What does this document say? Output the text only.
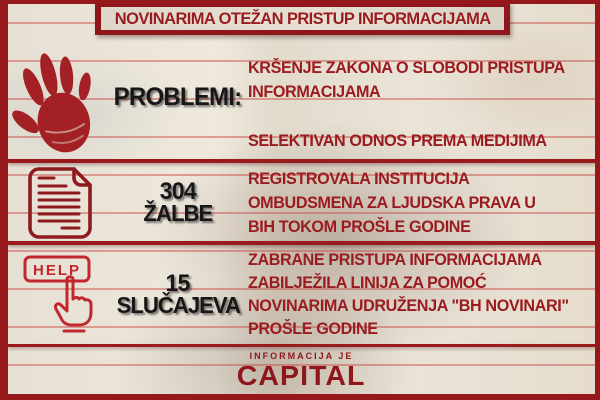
NOVINARIMA OTEŽAN PRISTUP INFORMACIJAMA
PROBLEMI:
KRŠENJE ZAKONA O SLOBODI PRISTUPA
INFORMACIJAMA
SELEKTIVAN ODNOS PREMA MEDIJIMA
304
ŽALBE
REGISTROVALA INSTITUCIJA
OMBUDSMENA ZA LJUDSKA PRAVA U
BIH TOKOM PROŠLE GODINE
HELP	15
SLUČAJEVA
ZABRANE PRISTUPA INFORMACIJAMA
ZABILJEŽILA LINIJA ZA POMOĆ
NOVINARIMA UDRUŽENJA "BH NOVINARI"
PROŠLE GODINE
INFORMACIJA JE
CAPITAL
